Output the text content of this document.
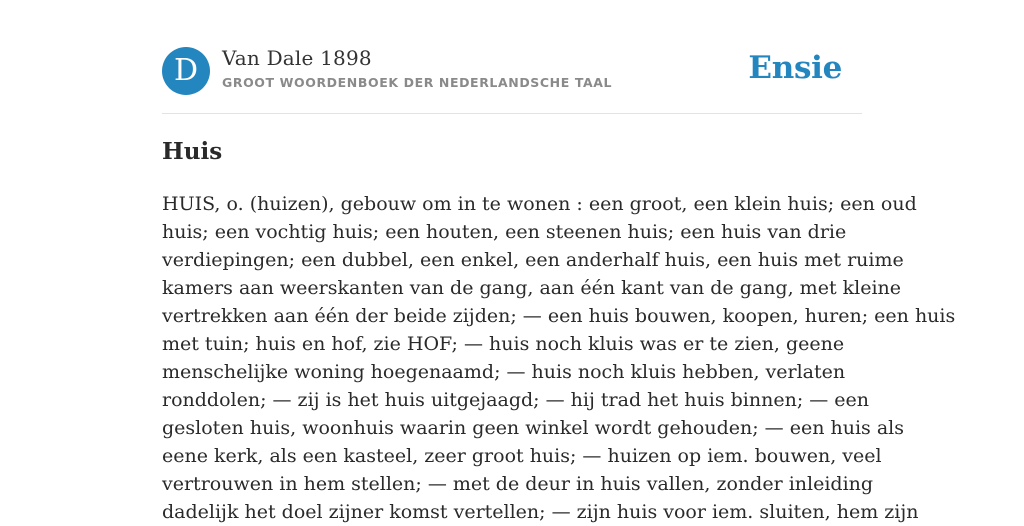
D	Van Dale 1898
GROOT WOORDENBOEK DER NEDERLANDSCHE TAAL	Ensie
Huis
HUIS, o. (huizen), gebouw om in te wonen : een groot, een klein huis; een oud
huis; een vochtig huis; een houten, een steenen huis; een huis van drie
verdiepingen; een dubbel, een enkel, een anderhalf huis, een huis met ruime
kamers aan weerskanten van de gang, aan één kant van de gang, met kleine
vertrekken aan één der beide zijden; — een huis bouwen, koopen, huren; een huis
met tuin; huis en hof, zie HOF; — huis noch kluis was er te zien, geene
menschelijke woning hoegenaamd; — huis noch kluis hebben, verlaten
ronddolen; — zij is het huis uitgejaagd; — hij trad het huis binnen; — een
gesloten huis, woonhuis waarin geen winkel wordt gehouden; — een huis als
eene kerk, als een kasteel, zeer groot huis; — huizen op iem. bouwen, veel
vertrouwen in hem stellen; — met de deur in huis vallen, zonder inleiding
dadelijk het doel zijner komst vertellen; — zijn huis voor iem. sluiten, hem zijn
